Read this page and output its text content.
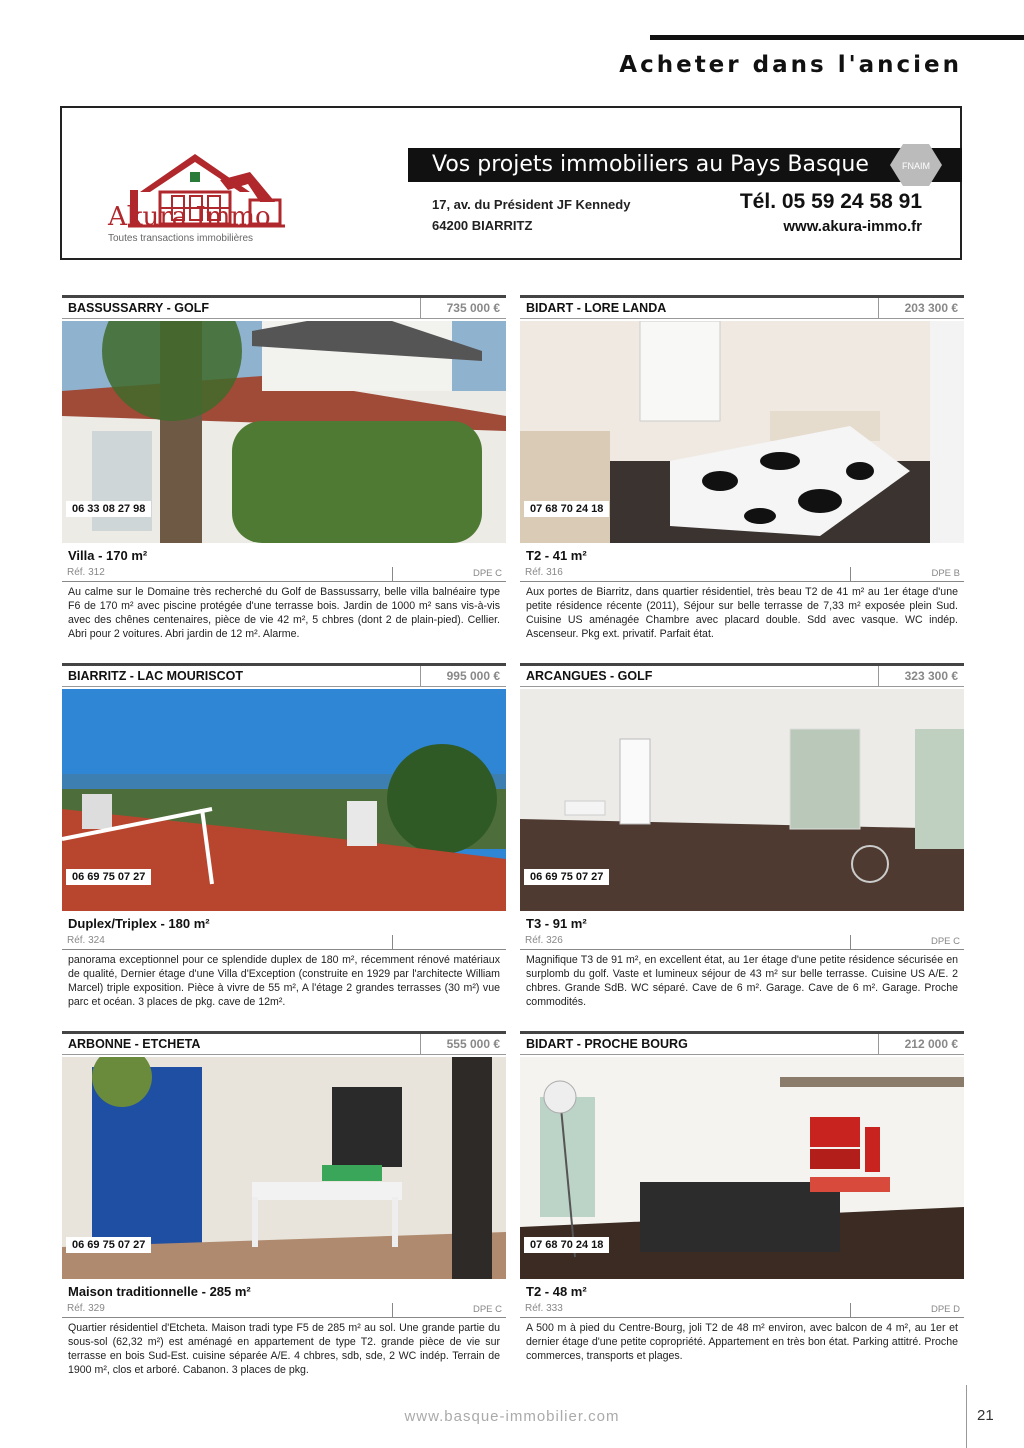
Acheter dans l'ancien
Akura Immo
Toutes transactions immobilières
Vos projets immobiliers au Pays Basque	FNAIM
17, av. du Président JF Kennedy
64200 BIARRITZ
Tél. 05 59 24 58 91
www.akura-immo.fr
BASSUSSARRY - GOLF	735 000 €
06 33 08 27 98
Villa - 170 m²
Réf. 312	DPE C
Au calme sur le Domaine très recherché du Golf de Bassussarry, belle villa balnéaire type F6 de 170 m² avec piscine protégée d'une terrasse bois. Jardin de 1000 m² sans vis-à-vis avec des chênes centenaires, pièce de vie 42 m², 5 chbres (dont 2 de plain-pied). Cellier. Abri pour 2 voitures. Abri jardin de 12 m². Alarme.
BIDART - LORE LANDA	203 300 €
07 68 70 24 18
T2 - 41 m²
Réf. 316	DPE B
Aux portes de Biarritz, dans quartier résidentiel, très beau T2 de 41 m² au 1er étage d'une petite résidence récente (2011), Séjour sur belle terrasse de 7,33 m² exposée plein Sud. Cuisine US aménagée Chambre avec placard double. Sdd avec vasque. WC indép. Ascenseur. Pkg ext. privatif. Parfait état.
BIARRITZ - LAC MOURISCOT	995 000 €
06 69 75 07 27
Duplex/Triplex - 180 m²
Réf. 324
panorama exceptionnel pour ce splendide duplex de 180 m², récemment rénové matériaux de qualité, Dernier étage d'une Villa d'Exception (construite en 1929 par l'architecte William Marcel) triple exposition. Pièce à vivre de 55 m², A l'étage 2 grandes terrasses (30 m²) vue parc et océan. 3 places de pkg. cave de 12m².
ARCANGUES - GOLF	323 300 €
06 69 75 07 27
T3 - 91 m²
Réf. 326	DPE C
Magnifique T3 de 91 m², en excellent état, au 1er étage d'une petite résidence sécurisée en surplomb du golf. Vaste et lumineux séjour de 43 m² sur belle terrasse. Cuisine US A/E. 2 chbres. Grande SdB. WC séparé. Cave de 6 m². Garage. Cave de 6 m². Garage. Proche commodités.
ARBONNE - ETCHETA	555 000 €
06 69 75 07 27
Maison traditionnelle - 285 m²
Réf. 329	DPE C
Quartier résidentiel d'Etcheta. Maison tradi type F5 de 285 m² au sol. Une grande partie du sous-sol (62,32 m²) est aménagé en appartement de type T2. grande pièce de vie sur terrasse en bois Sud-Est. cuisine séparée A/E. 4 chbres, sdb, sde, 2 WC indép. Terrain de 1900 m², clos et arboré. Cabanon. 3 places de pkg.
BIDART - PROCHE BOURG	212 000 €
07 68 70 24 18
T2 - 48 m²
Réf. 333	DPE D
A 500 m à pied du Centre-Bourg, joli T2 de 48 m² environ, avec balcon de 4 m², au 1er et dernier étage d'une petite copropriété. Appartement en très bon état. Parking attitré. Proche commerces, transports et plages.
www.basque-immobilier.com	21
